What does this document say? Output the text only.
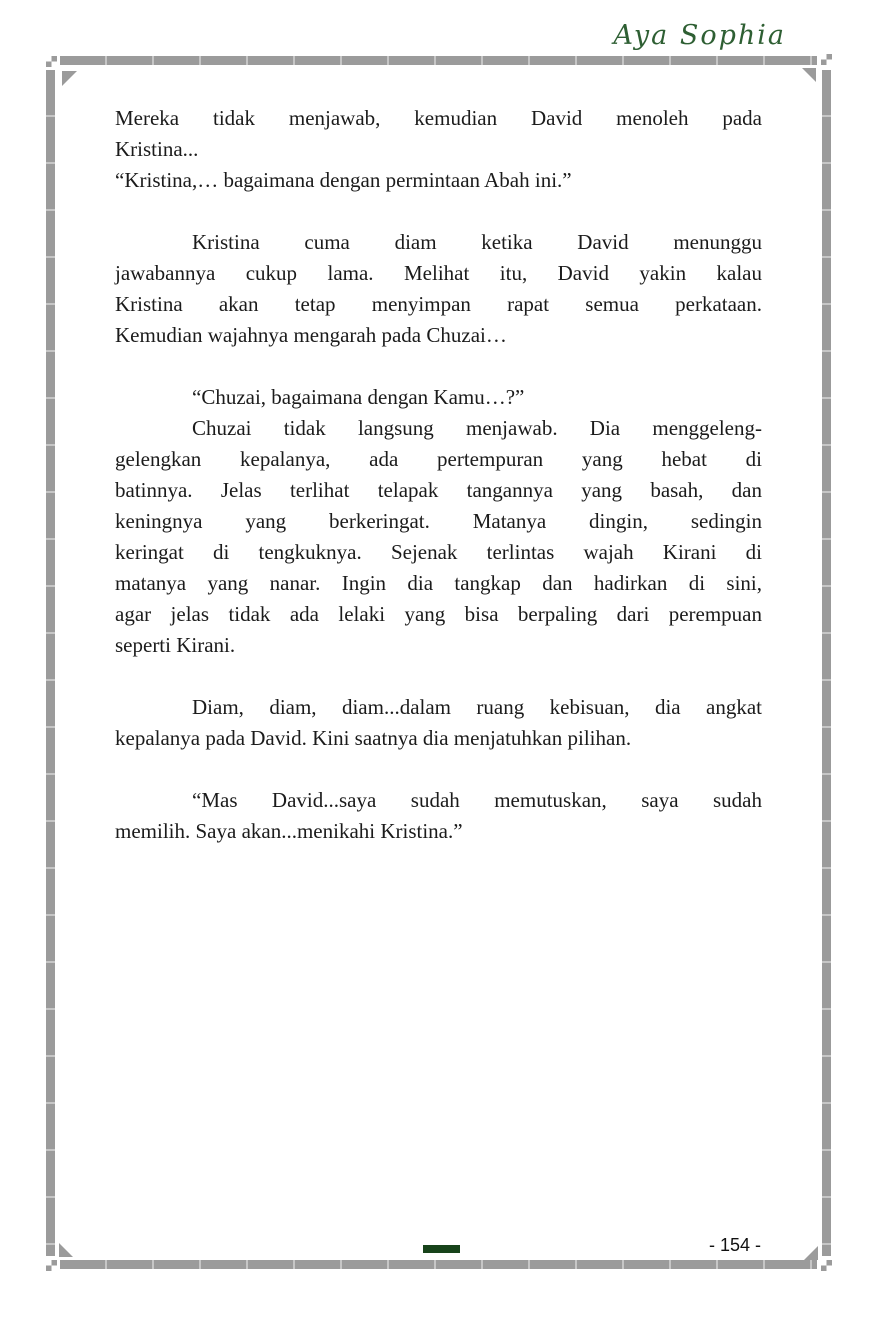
Aya Sophia
Mereka tidak menjawab, kemudian David menoleh pada
Kristina...
“Kristina,… bagaimana dengan permintaan Abah ini.”
Kristina cuma diam ketika David menunggu
jawabannya cukup lama. Melihat itu, David yakin kalau
Kristina akan tetap menyimpan rapat semua perkataan.
Kemudian wajahnya mengarah pada Chuzai…
“Chuzai, bagaimana dengan Kamu…?”
Chuzai tidak langsung menjawab. Dia menggeleng-
gelengkan kepalanya, ada pertempuran yang hebat di
batinnya. Jelas terlihat telapak tangannya yang basah, dan
keningnya yang berkeringat. Matanya dingin, sedingin
keringat di tengkuknya. Sejenak terlintas wajah Kirani di
matanya yang nanar. Ingin dia tangkap dan hadirkan di sini,
agar jelas tidak ada lelaki yang bisa berpaling dari perempuan
seperti Kirani.
Diam, diam, diam...dalam ruang kebisuan, dia angkat
kepalanya pada David. Kini saatnya dia menjatuhkan pilihan.
“Mas David...saya sudah memutuskan, saya sudah
memilih. Saya akan...menikahi Kristina.”
- 154 -
